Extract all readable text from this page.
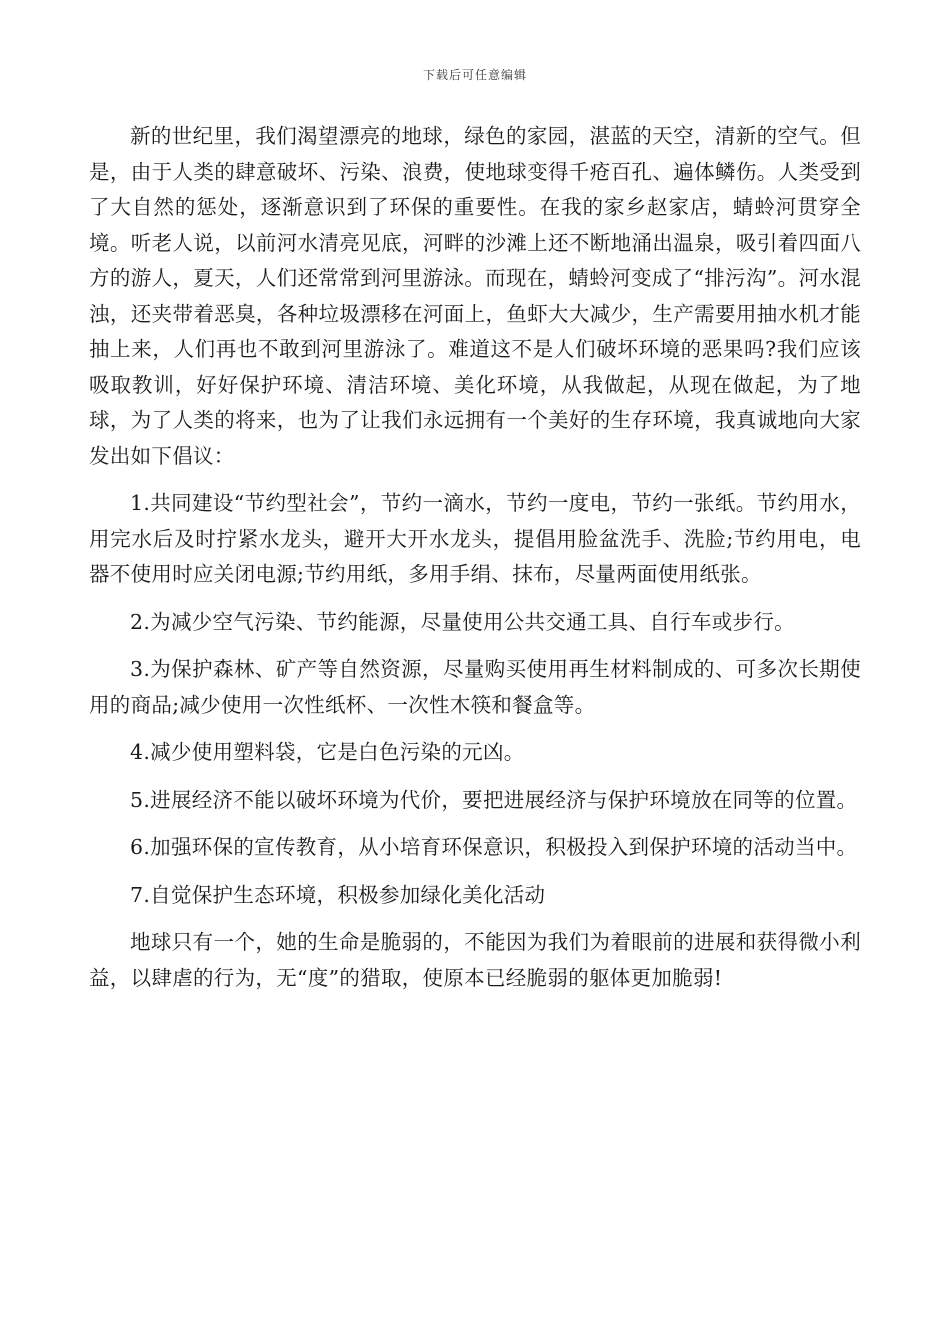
下载后可任意编辑

新的世纪里，我们渴望漂亮的地球，绿色的家园，湛蓝的天空，清新的空气。但是，由于人类的肆意破坏、污染、浪费，使地球变得千疮百孔、遍体鳞伤。人类受到了大自然的惩处，逐渐意识到了环保的重要性。在我的家乡赵家店，蜻蛉河贯穿全境。听老人说，以前河水清亮见底，河畔的沙滩上还不断地涌出温泉，吸引着四面八方的游人，夏天，人们还常常到河里游泳。而现在，蜻蛉河变成了“排污沟”。河水混浊，还夹带着恶臭，各种垃圾漂移在河面上，鱼虾大大减少，生产需要用抽水机才能抽上来，人们再也不敢到河里游泳了。难道这不是人们破坏环境的恶果吗?我们应该吸取教训，好好保护环境、清洁环境、美化环境，从我做起，从现在做起，为了地球，为了人类的将来，也为了让我们永远拥有一个美好的生存环境，我真诚地向大家发出如下倡议：

1.共同建设“节约型社会”，节约一滴水，节约一度电，节约一张纸。节约用水，用完水后及时拧紧水龙头，避开大开水龙头，提倡用脸盆洗手、洗脸;节约用电，电器不使用时应关闭电源;节约用纸，多用手绢、抹布，尽量两面使用纸张。

2.为减少空气污染、节约能源，尽量使用公共交通工具、自行车或步行。

3.为保护森林、矿产等自然资源，尽量购买使用再生材料制成的、可多次长期使用的商品;减少使用一次性纸杯、一次性木筷和餐盒等。

4.减少使用塑料袋，它是白色污染的元凶。

5.进展经济不能以破坏环境为代价，要把进展经济与保护环境放在同等的位置。

6.加强环保的宣传教育，从小培育环保意识，积极投入到保护环境的活动当中。

7.自觉保护生态环境，积极参加绿化美化活动

地球只有一个，她的生命是脆弱的，不能因为我们为着眼前的进展和获得微小利益，以肆虐的行为，无“度”的猎取，使原本已经脆弱的躯体更加脆弱!
